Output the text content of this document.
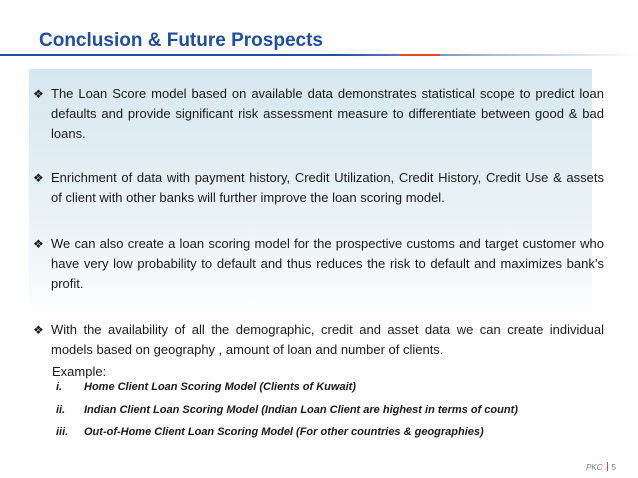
Conclusion & Future Prospects
❖ The Loan Score model based on available data demonstrates statistical scope to predict loan defaults and provide significant risk assessment measure to differentiate between good & bad loans.
❖ Enrichment of data with payment history, Credit Utilization, Credit History, Credit Use & assets of client with other banks will further improve the loan scoring model.
❖ We can also create a loan scoring model for the prospective customs and target customer who have very low probability to default and thus reduces the risk to default and maximizes bank’s profit.
❖ With the availability of all the demographic, credit and asset data we can create individual models based on geography , amount of loan and number of clients.
Example:
i. Home Client Loan Scoring Model (Clients of Kuwait)
ii. Indian Client Loan Scoring Model (Indian Loan Client are highest in terms of count)
iii. Out-of-Home Client Loan Scoring Model (For other countries & geographies)
PKC 5
